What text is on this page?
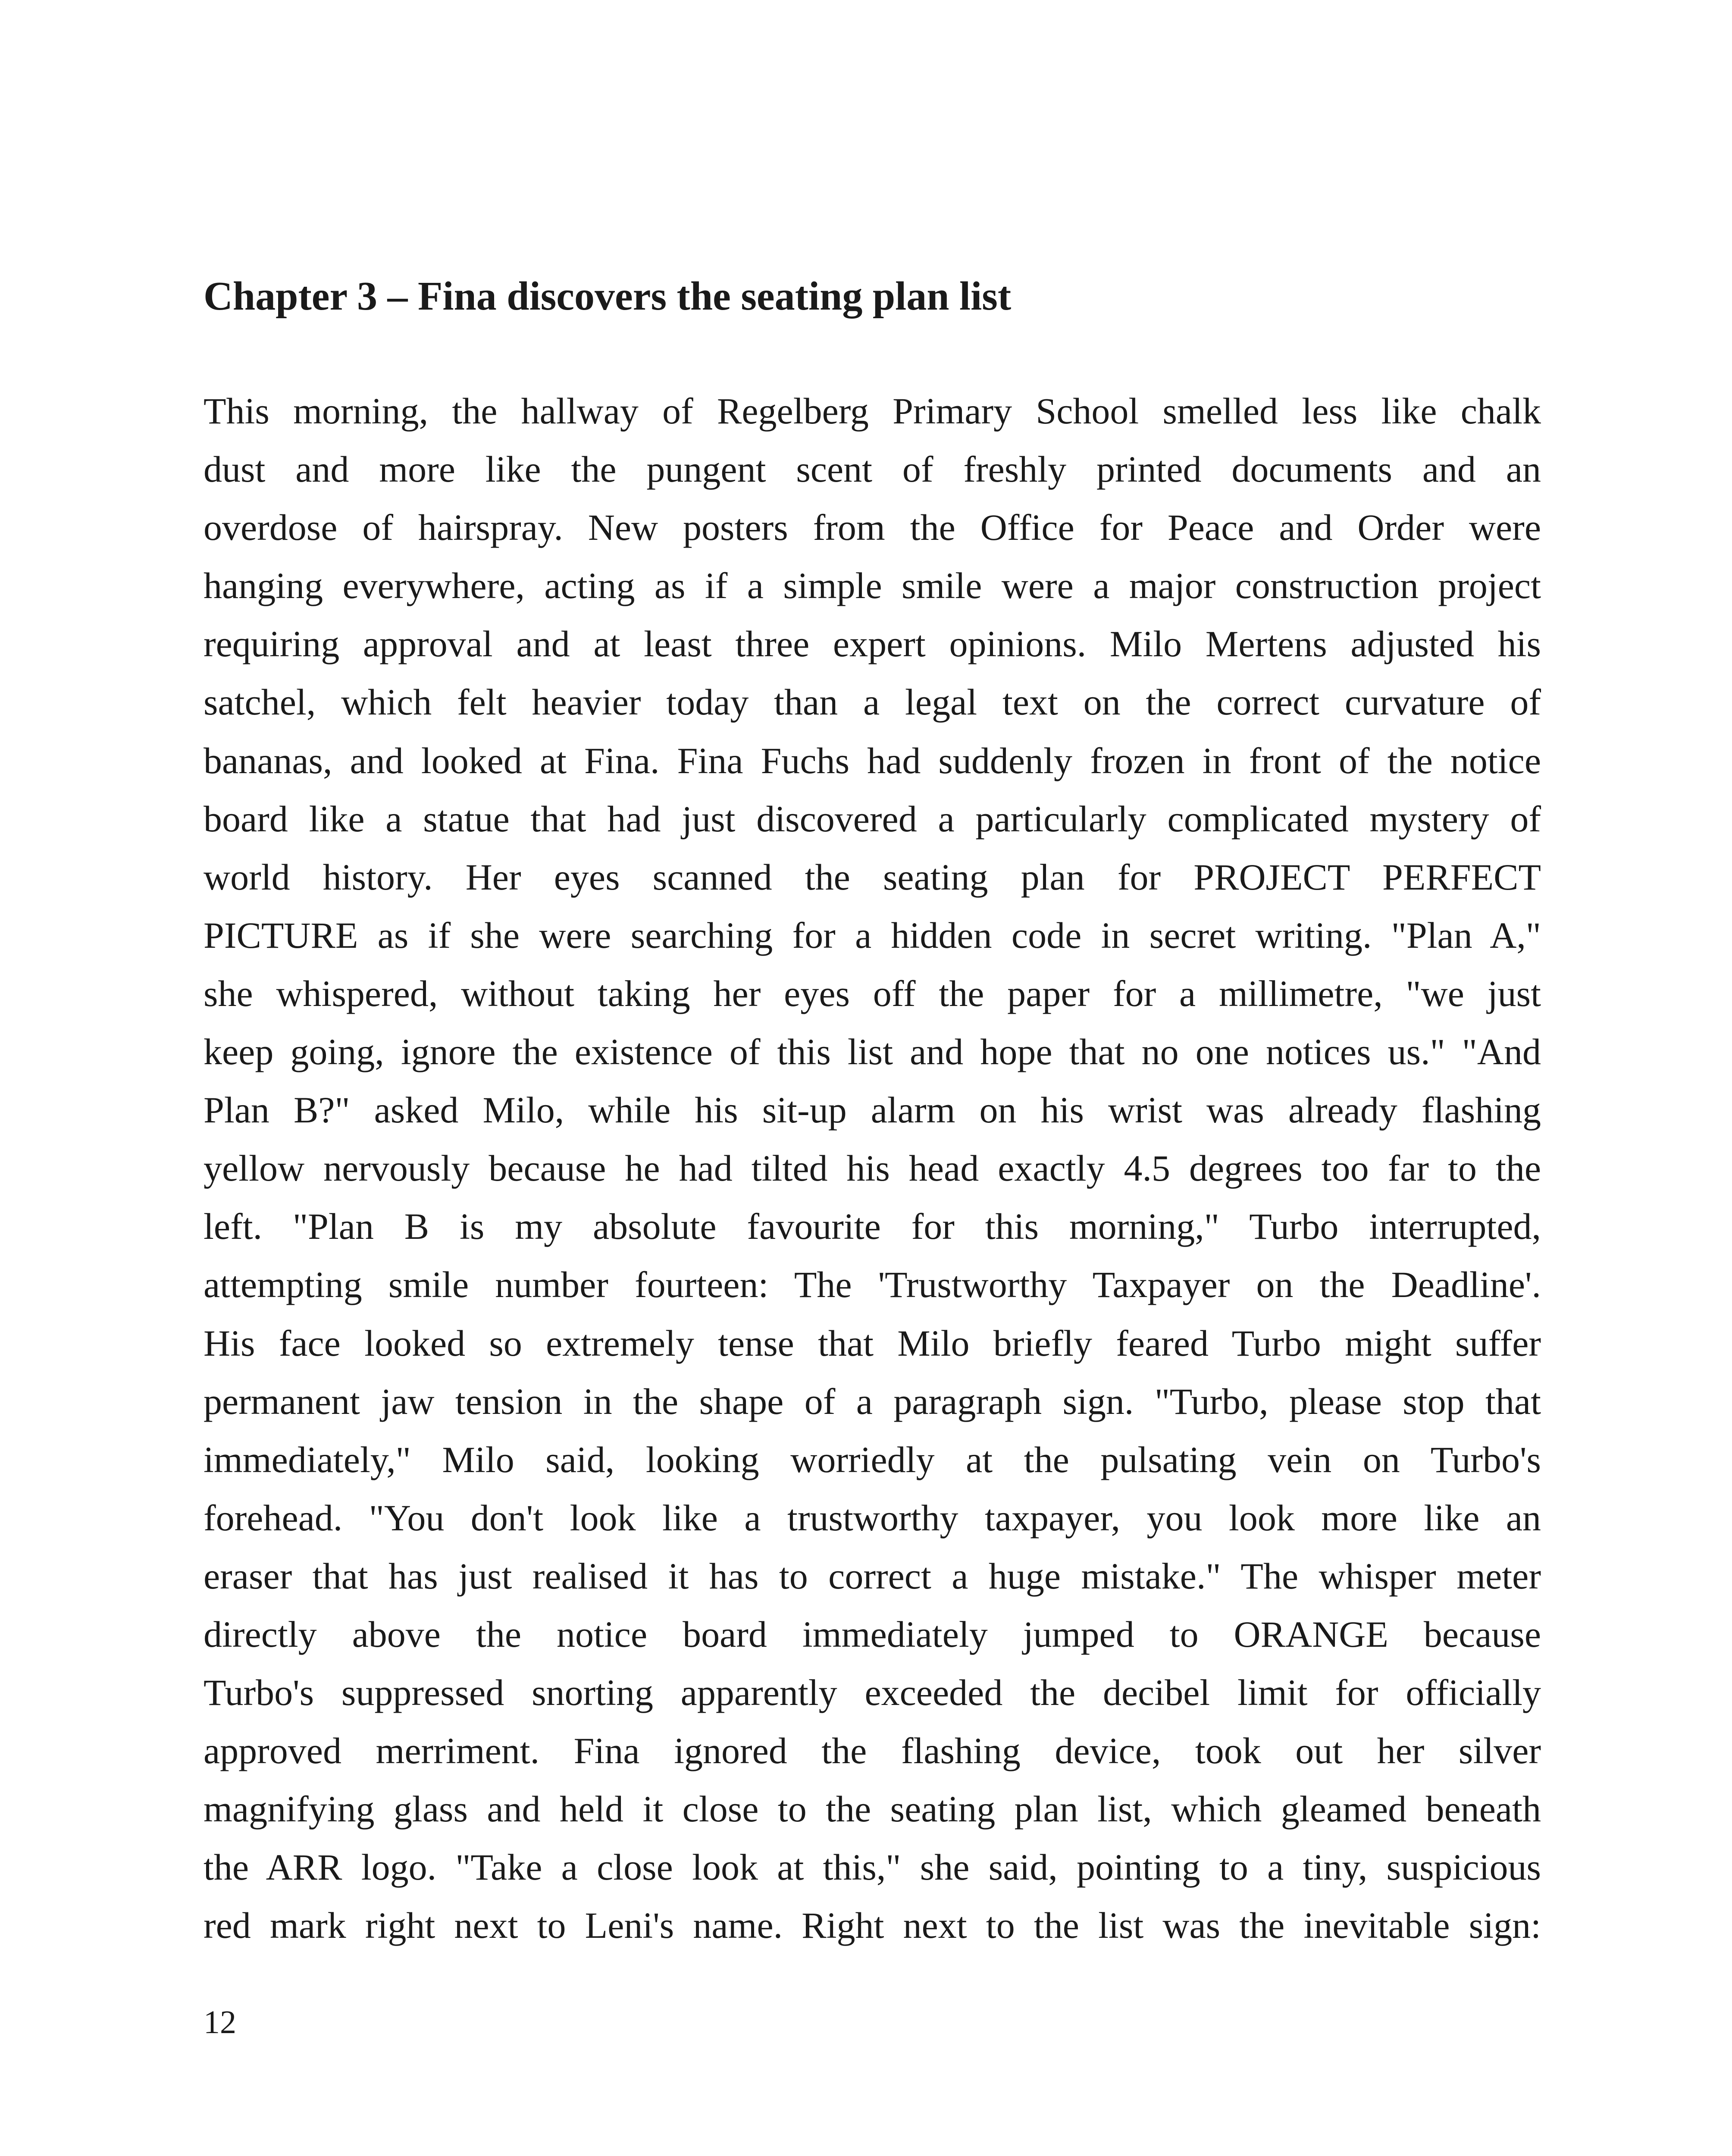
Chapter 3 – Fina discovers the seating plan list
This morning, the hallway of Regelberg Primary School smelled less like chalk
dust and more like the pungent scent of freshly printed documents and an
overdose of hairspray. New posters from the Office for Peace and Order were
hanging everywhere, acting as if a simple smile were a major construction project
requiring approval and at least three expert opinions. Milo Mertens adjusted his
satchel, which felt heavier today than a legal text on the correct curvature of
bananas, and looked at Fina. Fina Fuchs had suddenly frozen in front of the notice
board like a statue that had just discovered a particularly complicated mystery of
world history. Her eyes scanned the seating plan for PROJECT PERFECT
PICTURE as if she were searching for a hidden code in secret writing. "Plan A,"
she whispered, without taking her eyes off the paper for a millimetre, "we just
keep going, ignore the existence of this list and hope that no one notices us." "And
Plan B?" asked Milo, while his sit-up alarm on his wrist was already flashing
yellow nervously because he had tilted his head exactly 4.5 degrees too far to the
left. "Plan B is my absolute favourite for this morning," Turbo interrupted,
attempting smile number fourteen: The 'Trustworthy Taxpayer on the Deadline'.
His face looked so extremely tense that Milo briefly feared Turbo might suffer
permanent jaw tension in the shape of a paragraph sign. "Turbo, please stop that
immediately," Milo said, looking worriedly at the pulsating vein on Turbo's
forehead. "You don't look like a trustworthy taxpayer, you look more like an
eraser that has just realised it has to correct a huge mistake." The whisper meter
directly above the notice board immediately jumped to ORANGE because
Turbo's suppressed snorting apparently exceeded the decibel limit for officially
approved merriment. Fina ignored the flashing device, took out her silver
magnifying glass and held it close to the seating plan list, which gleamed beneath
the ARR logo. "Take a close look at this," she said, pointing to a tiny, suspicious
red mark right next to Leni's name. Right next to the list was the inevitable sign:
12
